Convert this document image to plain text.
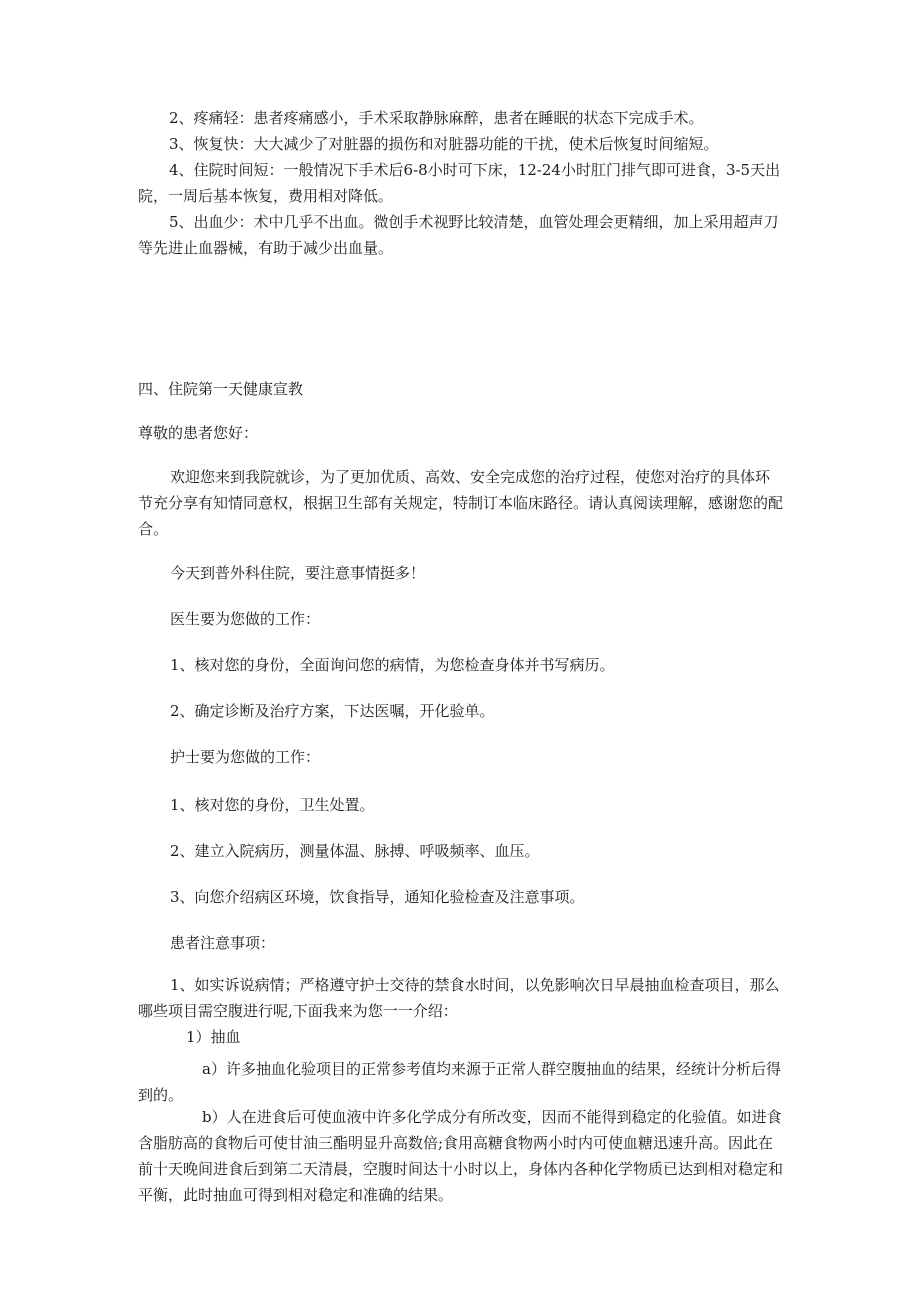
2、疼痛轻：患者疼痛感小，手术采取静脉麻醉，患者在睡眠的状态下完成手术。

3、恢复快：大大减少了对脏器的损伤和对脏器功能的干扰，使术后恢复时间缩短。

4、住院时间短：一般情况下手术后6-8小时可下床，12-24小时肛门排气即可进食，3-5天出院，一周后基本恢复，费用相对降低。

5、出血少：术中几乎不出血。微创手术视野比较清楚，血管处理会更精细，加上采用超声刀等先进止血器械，有助于减少出血量。

四、住院第一天健康宣教

尊敬的患者您好：

欢迎您来到我院就诊，为了更加优质、高效、安全完成您的治疗过程，使您对治疗的具体环节充分享有知情同意权，根据卫生部有关规定，特制订本临床路径。请认真阅读理解，感谢您的配合。

今天到普外科住院，要注意事情挺多！

医生要为您做的工作：

1、核对您的身份，全面询问您的病情，为您检查身体并书写病历。

2、确定诊断及治疗方案，下达医嘱，开化验单。

护士要为您做的工作：

1、核对您的身份，卫生处置。

2、建立入院病历，测量体温、脉搏、呼吸频率、血压。

3、向您介绍病区环境，饮食指导，通知化验检查及注意事项。

患者注意事项：

1、如实诉说病情；严格遵守护士交待的禁食水时间，以免影响次日早晨抽血检查项目，那么哪些项目需空腹进行呢,下面我来为您一一介绍：

1）抽血

a）许多抽血化验项目的正常参考值均来源于正常人群空腹抽血的结果，经统计分析后得到的。

b）人在进食后可使血液中许多化学成分有所改变，因而不能得到稳定的化验值。如进食含脂肪高的食物后可使甘油三酯明显升高数倍;食用高糖食物两小时内可使血糖迅速升高。因此在前十天晚间进食后到第二天清晨，空腹时间达十小时以上，身体内各种化学物质已达到相对稳定和平衡，此时抽血可得到相对稳定和准确的结果。
